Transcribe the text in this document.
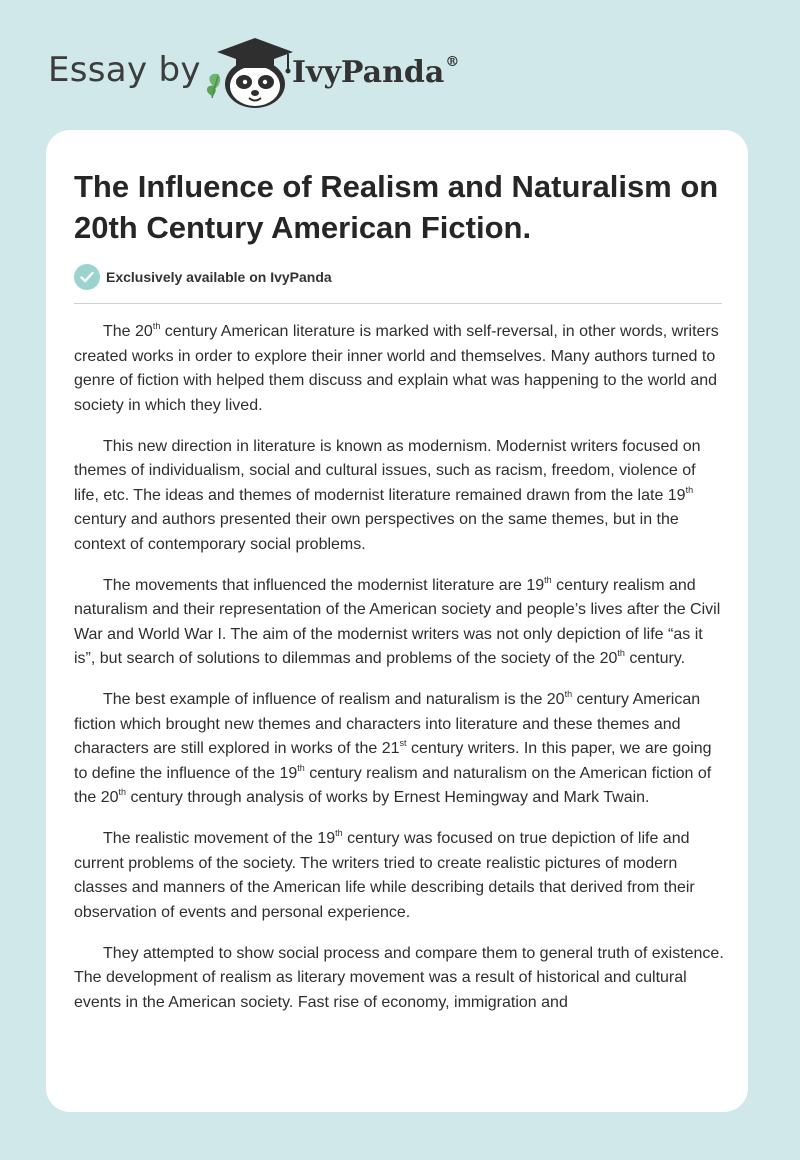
Essay by	IvyPanda®
The Influence of Realism and Naturalism on 20th Century American Fiction.
Exclusively available on IvyPanda

The 20th century American literature is marked with self-reversal, in other words, writers created works in order to explore their inner world and themselves. Many authors turned to genre of fiction with helped them discuss and explain what was happening to the world and society in which they lived.

This new direction in literature is known as modernism. Modernist writers focused on themes of individualism, social and cultural issues, such as racism, freedom, violence of life, etc. The ideas and themes of modernist literature remained drawn from the late 19th century and authors presented their own perspectives on the same themes, but in the context of contemporary social problems.

The movements that influenced the modernist literature are 19th century realism and naturalism and their representation of the American society and people’s lives after the Civil War and World War I. The aim of the modernist writers was not only depiction of life “as it is”, but search of solutions to dilemmas and problems of the society of the 20th century.

The best example of influence of realism and naturalism is the 20th century American fiction which brought new themes and characters into literature and these themes and characters are still explored in works of the 21st century writers. In this paper, we are going to define the influence of the 19th century realism and naturalism on the American fiction of the 20th century through analysis of works by Ernest Hemingway and Mark Twain.

The realistic movement of the 19th century was focused on true depiction of life and current problems of the society. The writers tried to create realistic pictures of modern classes and manners of the American life while describing details that derived from their observation of events and personal experience.

They attempted to show social process and compare them to general truth of existence. The development of realism as literary movement was a result of historical and cultural events in the American society. Fast rise of economy, immigration and
